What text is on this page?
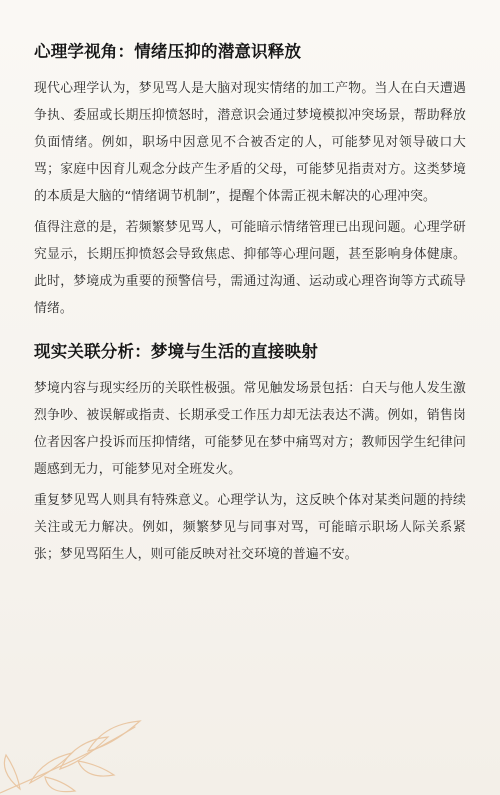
心理学视角：情绪压抑的潜意识释放

现代心理学认为，梦见骂人是大脑对现实情绪的加工产物。当人在白天遭遇争执、委屈或长期压抑愤怒时，潜意识会通过梦境模拟冲突场景，帮助释放负面情绪。例如，职场中因意见不合被否定的人，可能梦见对领导破口大骂；家庭中因育儿观念分歧产生矛盾的父母，可能梦见指责对方。这类梦境的本质是大脑的“情绪调节机制”，提醒个体需正视未解决的心理冲突。

值得注意的是，若频繁梦见骂人，可能暗示情绪管理已出现问题。心理学研究显示，长期压抑愤怒会导致焦虑、抑郁等心理问题，甚至影响身体健康。此时，梦境成为重要的预警信号，需通过沟通、运动或心理咨询等方式疏导情绪。

现实关联分析：梦境与生活的直接映射

梦境内容与现实经历的关联性极强。常见触发场景包括：白天与他人发生激烈争吵、被误解或指责、长期承受工作压力却无法表达不满。例如，销售岗位者因客户投诉而压抑情绪，可能梦见在梦中痛骂对方；教师因学生纪律问题感到无力，可能梦见对全班发火。

重复梦见骂人则具有特殊意义。心理学认为，这反映个体对某类问题的持续关注或无力解决。例如，频繁梦见与同事对骂，可能暗示职场人际关系紧张；梦见骂陌生人，则可能反映对社交环境的普遍不安。
